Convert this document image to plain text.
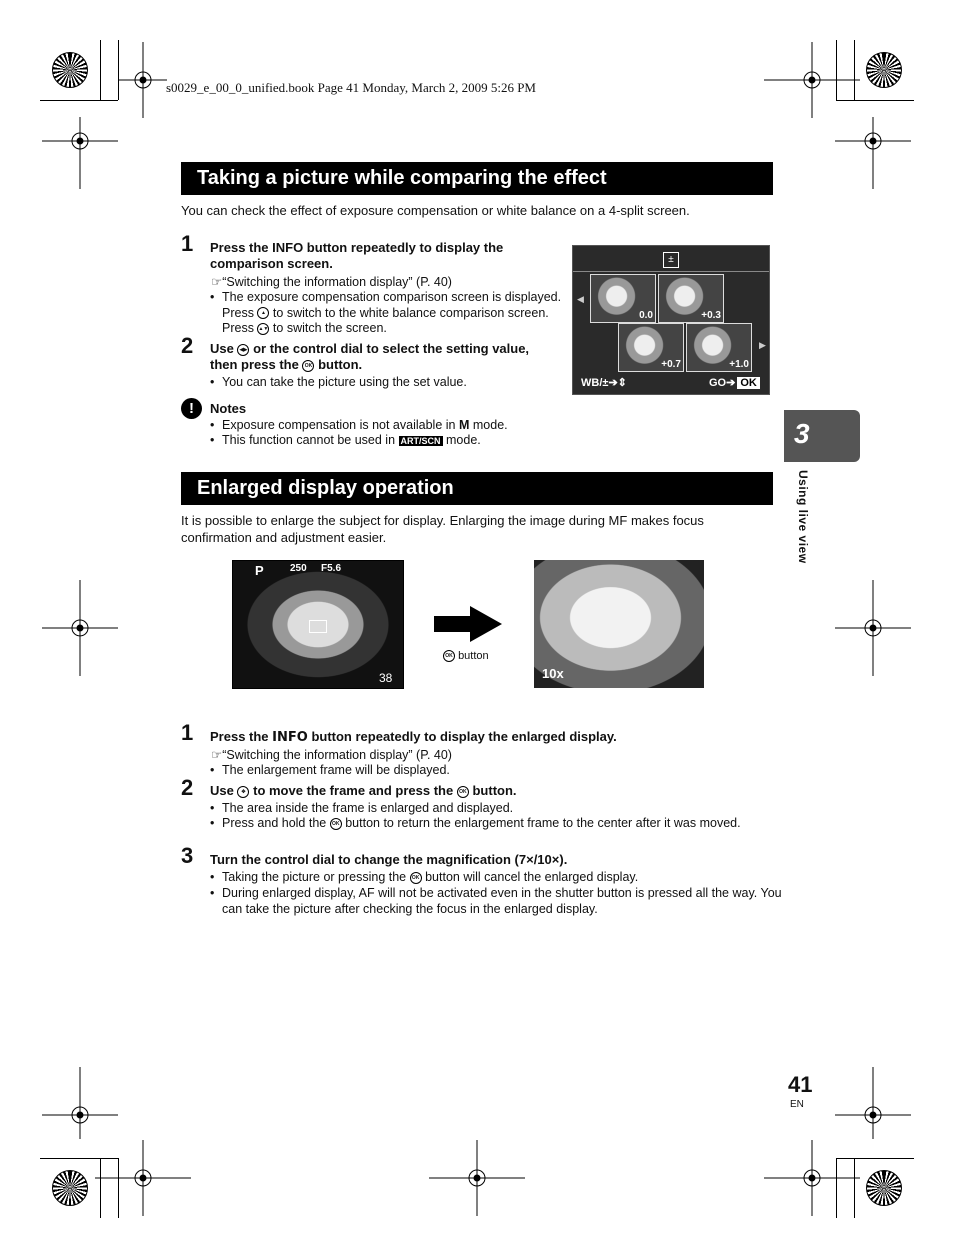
s0029_e_00_0_unified.book Page 41 Monday, March 2, 2009 5:26 PM
Taking a picture while comparing the effect
You can check the effect of exposure compensation or white balance on a 4-split screen.
1 Press the INFO button repeatedly to display the comparison screen.
☞“Switching the information display” (P. 40)
• The exposure compensation comparison screen is displayed. Press ▲ to switch to the white balance comparison screen. Press ▲▼ to switch the screen.
2 Use ◀▶ or the control dial to select the setting value, then press the OK button.
• You can take the picture using the set value.
!	Notes
• Exposure compensation is not available in M mode.
• This function cannot be used in ART/SCN mode.
±
◀
▶
0.0	+0.3
+0.7	+1.0
WB/±➔⇕	GO➔ OK
Enlarged display operation
It is possible to enlarge the subject for display. Enlarging the image during MF makes focus confirmation and adjustment easier.
P	250 F5.6
38
OK button
10x
1 Press the INFO button repeatedly to display the enlarged display.
☞“Switching the information display” (P. 40)
• The enlargement frame will be displayed.
2 Use ✥ to move the frame and press the OK button.
• The area inside the frame is enlarged and displayed.
• Press and hold the OK button to return the enlargement frame to the center after it was moved.
3 Turn the control dial to change the magnification (7×/10×).
• Taking the picture or pressing the OK button will cancel the enlarged display.
• During enlarged display, AF will not be activated even in the shutter button is pressed all the way. You can take the picture after checking the focus in the enlarged display.
3
Using live view
41
EN
